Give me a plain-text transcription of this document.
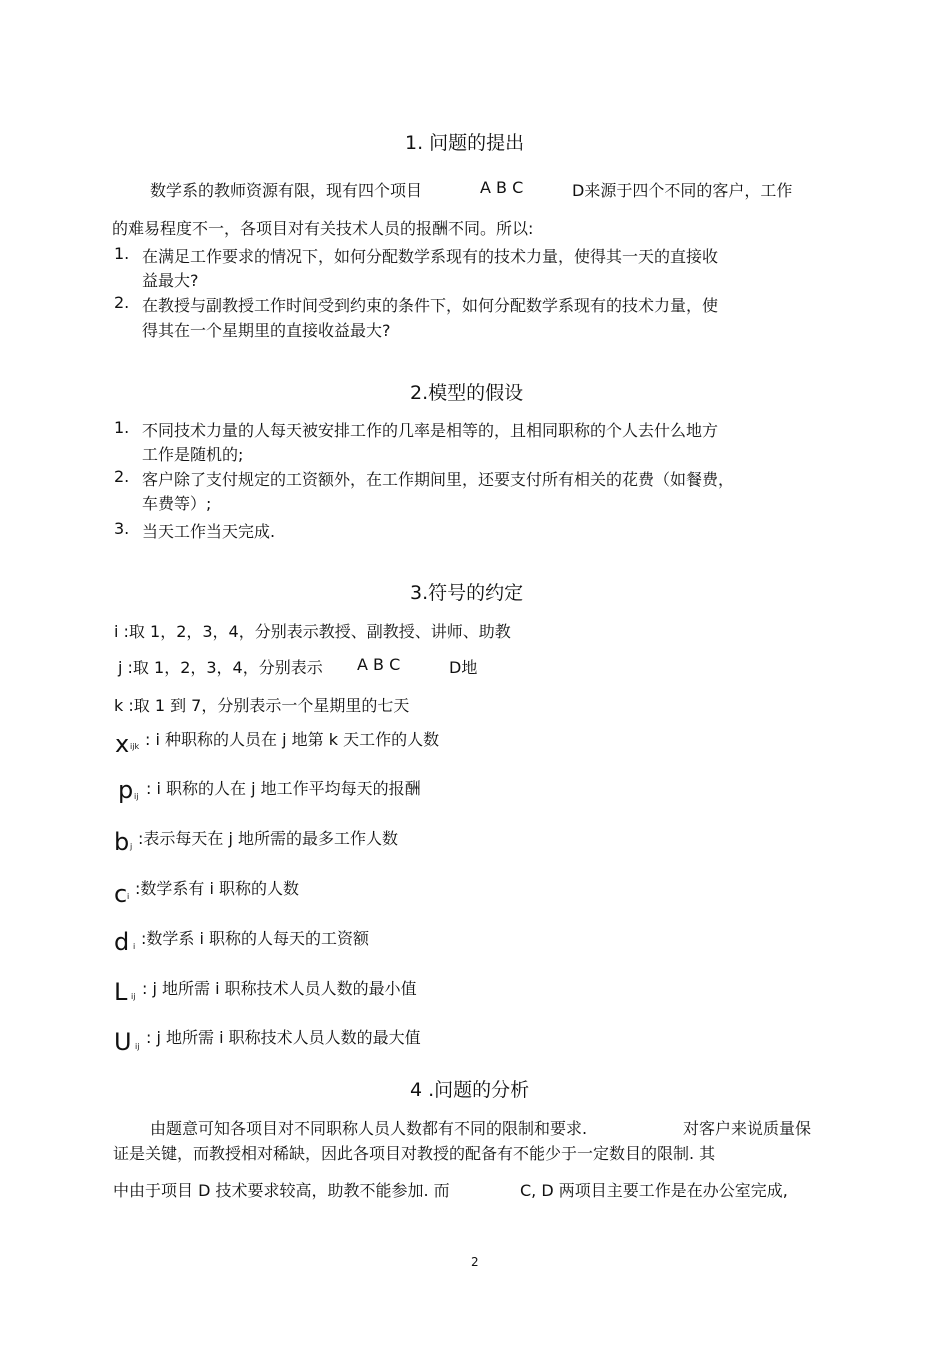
1. 问题的提出
数学系的教师资源有限，现有四个项目	A B C	D来源于四个不同的客户，工作
的难易程度不一，各项目对有关技术人员的报酬不同。所以:
1. 在满足工作要求的情况下，如何分配数学系现有的技术力量，使得其一天的直接收
益最大?
2. 在教授与副教授工作时间受到约束的条件下，如何分配数学系现有的技术力量，使
得其在一个星期里的直接收益最大?
2.模型的假设
1. 不同技术力量的人每天被安排工作的几率是相等的，且相同职称的个人去什么地方
工作是随机的;
2. 客户除了支付规定的工资额外，在工作期间里，还要支付所有相关的花费（如餐费，
车费等）;
3. 当天工作当天完成.
3.符号的约定
i :取 1，2，3，4，分别表示教授、副教授、讲师、助教
j :取 1，2，3，4，分别表示 A B C	D地
k :取 1 到 7，分别表示一个星期里的七天
x ijk : i 种职称的人员在 j 地第 k 天工作的人数
p ij : i 职称的人在 j 地工作平均每天的报酬
b j :表示每天在 j 地所需的最多工作人数
c i :数学系有 i 职称的人数
d i :数学系 i 职称的人每天的工资额
L ij : j 地所需 i 职称技术人员人数的最小值
U ij : j 地所需 i 职称技术人员人数的最大值
4 .问题的分析
由题意可知各项目对不同职称人员人数都有不同的限制和要求.	对客户来说质量保
证是关键，而教授相对稀缺，因此各项目对教授的配备有不能少于一定数目的限制. 其
中由于项目 D 技术要求较高，助教不能参加. 而	C, D 两项目主要工作是在办公室完成,
2
